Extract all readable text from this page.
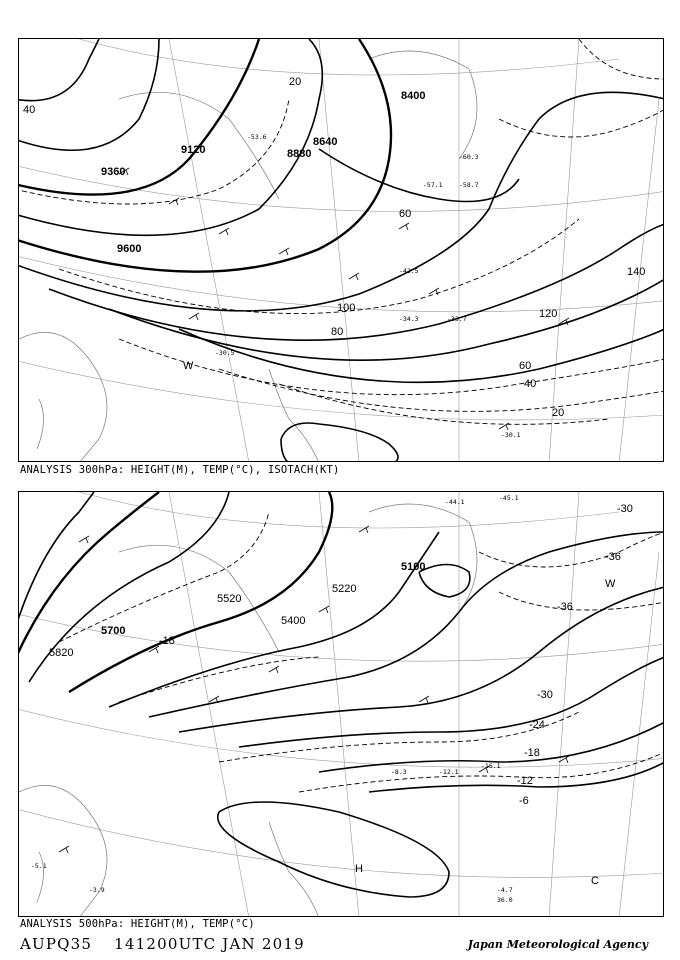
8400
8640
8880
9120
9360
9600
20
40
60
80
100	120
140
60
40
20
-30.1
-30.5
-33.7
-34.3
-42.5
-57.1	-58.7
-60.3
-53.6
W
ANALYSIS 300hPa: HEIGHT(M), TEMP(°C), ISOTACH(KT)
5100
5220
5400
5520
5700
5820
-6
-12
-18
-24
-30
-36
-36
-30
-18
-44.1	-45.1
-16.1
-12.1
-8.3
-4.7
36.0
-3.9
-5.1	H
C
W
ANALYSIS 500hPa: HEIGHT(M), TEMP(°C)
AUPQ35 141200UTC JAN 2019	Japan Meteorological Agency
